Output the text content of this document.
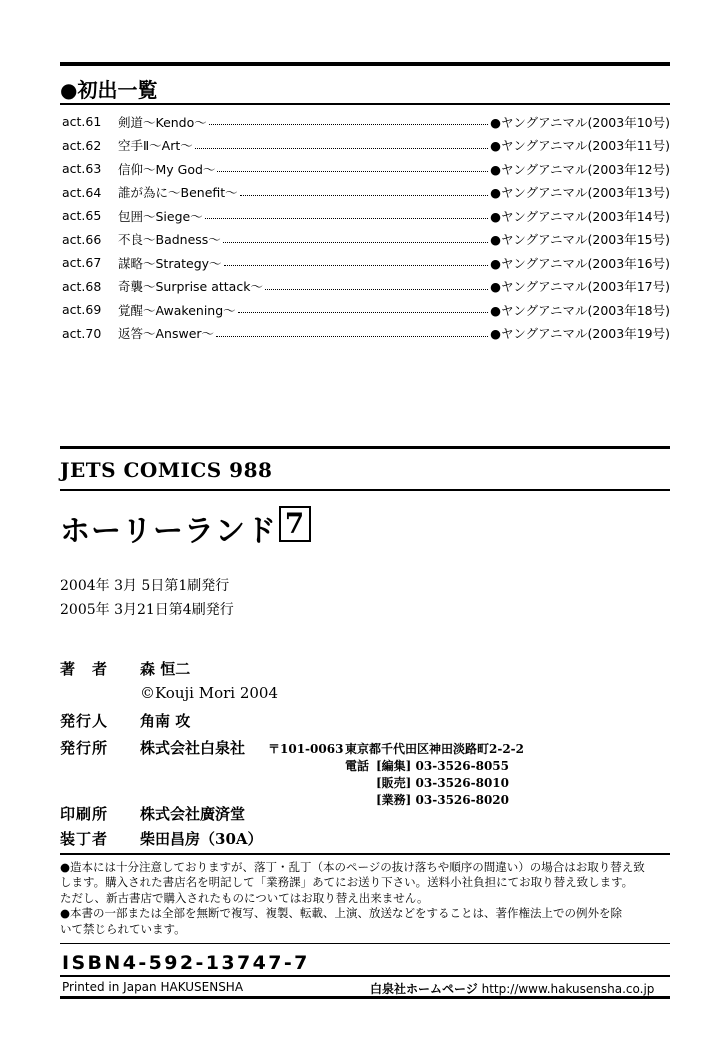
●初出一覧
act.61	剣道〜Kendo〜	●ヤングアニマル(2003年10号)
act.62	空手Ⅱ〜Art〜	●ヤングアニマル(2003年11号)
act.63	信仰〜My God〜	●ヤングアニマル(2003年12号)
act.64	誰が為に〜Benefit〜	●ヤングアニマル(2003年13号)
act.65	包囲〜Siege〜	●ヤングアニマル(2003年14号)
act.66	不良〜Badness〜	●ヤングアニマル(2003年15号)
act.67	謀略〜Strategy〜	●ヤングアニマル(2003年16号)
act.68	奇襲〜Surprise attack〜	●ヤングアニマル(2003年17号)
act.69	覚醒〜Awakening〜	●ヤングアニマル(2003年18号)
act.70	返答〜Answer〜	●ヤングアニマル(2003年19号)
JETS COMICS 988
ホーリーランド 7
2004年 3月 5日第1刷発行
2005年 3月21日第4刷発行
著　者 森 恒二
©Kouji Mori 2004
発行人 角南 攻
発行所 株式会社白泉社 〒101-0063 東京都千代田区神田淡路町2-2-2
電話 [編集] 03-3526-8055
[販売] 03-3526-8010
[業務] 03-3526-8020
印刷所 株式会社廣済堂
装丁者 柴田昌房（30A）
●造本には十分注意しておりますが、落丁・乱丁（本のページの抜け落ちや順序の間違い）の場合はお取り替え致
します。購入された書店名を明記して「業務課」あてにお送り下さい。送料小社負担にてお取り替え致します。
ただし、新古書店で購入されたものについてはお取り替え出来ません。
●本書の一部または全部を無断で複写、複製、転載、上演、放送などをすることは、著作権法上での例外を除
いて禁じられています。
ISBN4-592-13747-7
Printed in Japan HAKUSENSHA	白泉社ホームページ http://www.hakusensha.co.jp
